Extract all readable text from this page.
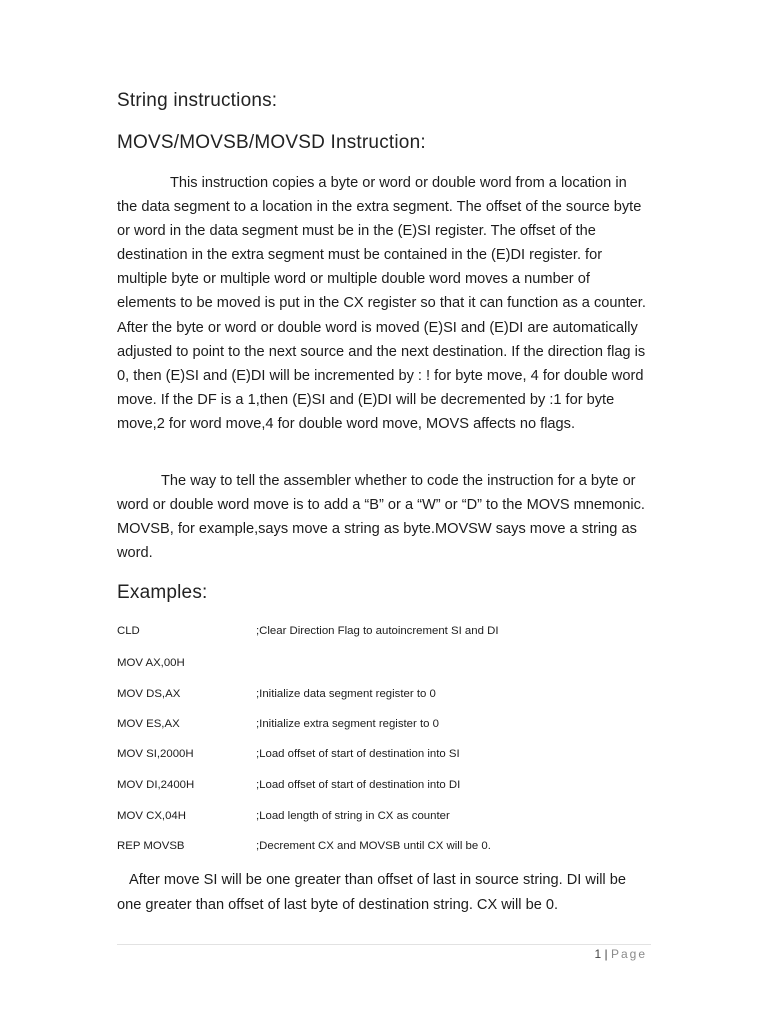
String instructions:
MOVS/MOVSB/MOVSD Instruction:
This instruction copies a byte or word or double word from a location in the data segment to a location in the extra segment. The offset of the source byte or word in the data segment must be in the (E)SI register. The offset of the destination in the extra segment must be contained in the (E)DI register. for multiple byte or multiple word or multiple double word moves a number of elements to be moved is put in the CX register so that it can function as a counter. After the byte or word or double word is moved (E)SI and (E)DI are automatically adjusted to point to the next source and the next destination. If the direction flag is 0, then (E)SI and (E)DI will be incremented by : ! for byte move, 4 for double word move. If the DF is a 1,then (E)SI and (E)DI will be decremented by :1 for byte move,2 for word move,4 for double word move, MOVS affects no flags.
The way to tell the assembler whether to code the instruction for a byte or word or double word move is to add a “B” or a “W” or “D” to the MOVS mnemonic. MOVSB, for example,says move a string as byte.MOVSW says move a string as word.
Examples:
CLD	;Clear Direction Flag to autoincrement SI and DI
MOV AX,00H
MOV DS,AX	;Initialize data segment register to 0
MOV ES,AX	;Initialize extra segment register to 0
MOV SI,2000H	;Load offset of start of destination into SI
MOV DI,2400H	;Load offset of start of destination into DI
MOV CX,04H	;Load length of string in CX as counter
REP MOVSB	;Decrement CX and MOVSB until CX will be 0.
After move SI will be one greater than offset of last in source string. DI will be one greater than offset of last byte of destination string. CX will be 0.
1 | Page
